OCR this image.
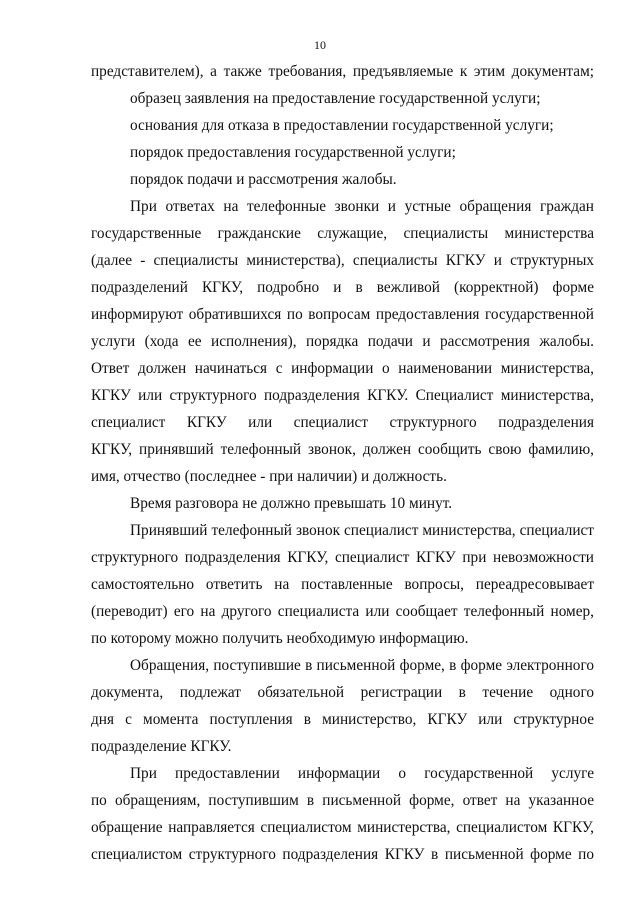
10

представителем), а также требования, предъявляемые к этим документам;

образец заявления на предоставление государственной услуги;

основания для отказа в предоставлении государственной услуги;

порядок предоставления государственной услуги;

порядок подачи и рассмотрения жалобы.

При ответах на телефонные звонки и устные обращения граждан

государственные гражданские служащие, специалисты министерства

(далее - специалисты министерства), специалисты КГКУ и структурных

подразделений КГКУ, подробно и в вежливой (корректной) форме

информируют обратившихся по вопросам предоставления государственной

услуги (хода ее исполнения), порядка подачи и рассмотрения жалобы.

Ответ должен начинаться с информации о наименовании министерства,

КГКУ или структурного подразделения КГКУ. Специалист министерства,

специалист КГКУ или специалист структурного подразделения

КГКУ, принявший телефонный звонок, должен сообщить свою фамилию,

имя, отчество (последнее - при наличии) и должность.

Время разговора не должно превышать 10 минут.

Принявший телефонный звонок специалист министерства, специалист

структурного подразделения КГКУ, специалист КГКУ при невозможности

самостоятельно ответить на поставленные вопросы, переадресовывает

(переводит) его на другого специалиста или сообщает телефонный номер,

по которому можно получить необходимую информацию.

Обращения, поступившие в письменной форме, в форме электронного

документа, подлежат обязательной регистрации в течение одного

дня с момента поступления в министерство, КГКУ или структурное

подразделение КГКУ.

При предоставлении информации о государственной услуге

по обращениям, поступившим в письменной форме, ответ на указанное

обращение направляется специалистом министерства, специалистом КГКУ,

специалистом структурного подразделения КГКУ в письменной форме по
